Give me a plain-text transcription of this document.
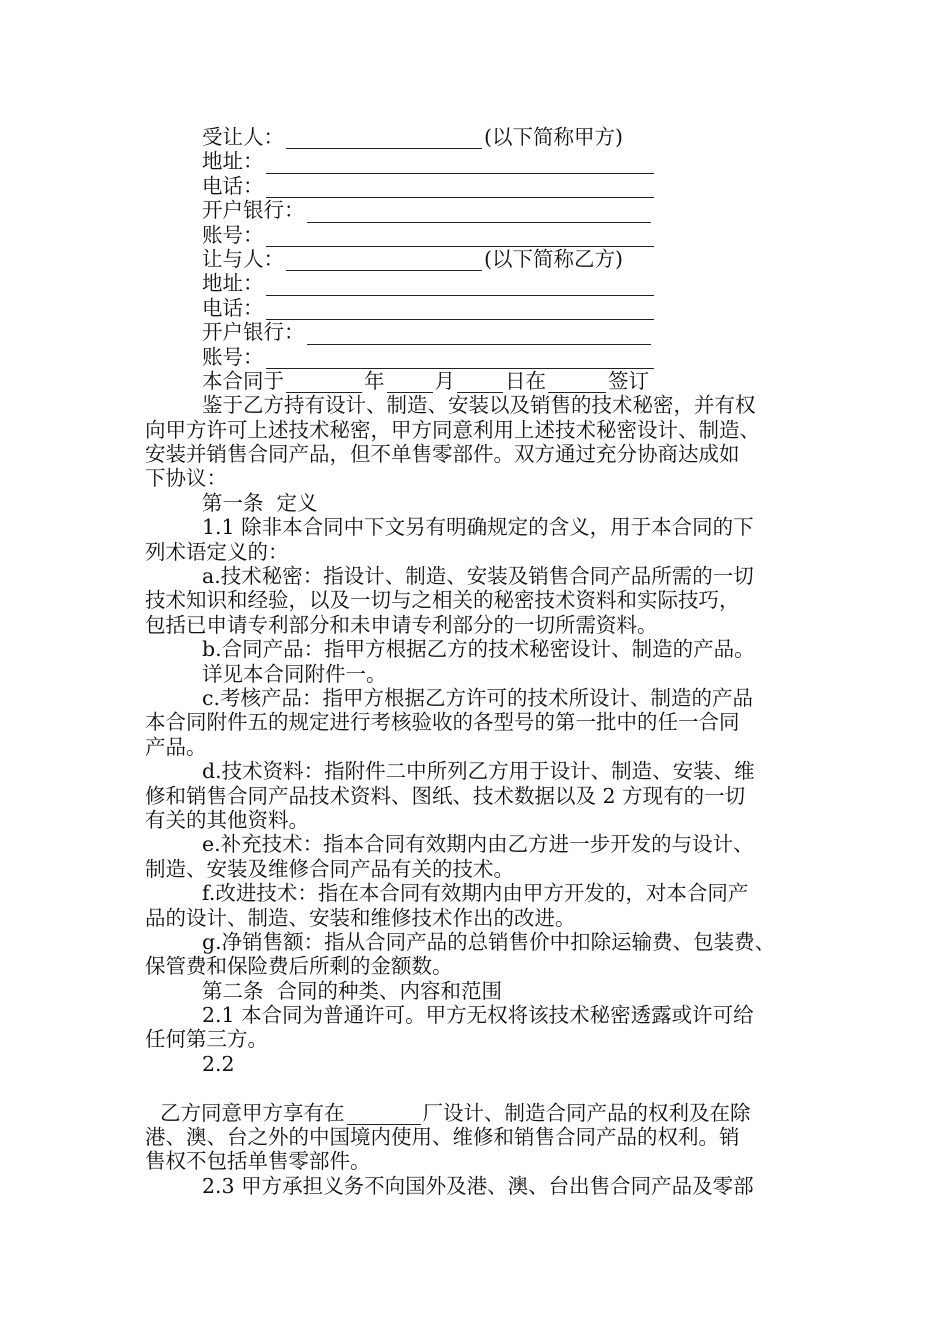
受让人：	(以下简称甲方)
地址：
电话：
开户银行：
账号：
让与人：	(以下简称乙方)
地址：
电话：
开户银行：
账号：
本合同于	年 月 日在	签订
鉴于乙方持有设计、制造、安装以及销售的技术秘密，并有权
向甲方许可上述技术秘密，甲方同意利用上述技术秘密设计、制造、
安装并销售合同产品，但不单售零部件。双方通过充分协商达成如
下协议：
第一条  定义
1.1 除非本合同中下文另有明确规定的含义，用于本合同的下
列术语定义的：
a.技术秘密：指设计、制造、安装及销售合同产品所需的一切
技术知识和经验，以及一切与之相关的秘密技术资料和实际技巧，
包括已申请专利部分和未申请专利部分的一切所需资料。
b.合同产品：指甲方根据乙方的技术秘密设计、制造的产品。
详见本合同附件一。
c.考核产品：指甲方根据乙方许可的技术所设计、制造的产品
本合同附件五的规定进行考核验收的各型号的第一批中的任一合同
产品。
d.技术资料：指附件二中所列乙方用于设计、制造、安装、维
修和销售合同产品技术资料、图纸、技术数据以及 2 方现有的一切
有关的其他资料。
e.补充技术：指本合同有效期内由乙方进一步开发的与设计、
制造、安装及维修合同产品有关的技术。
f.改进技术：指在本合同有效期内由甲方开发的，对本合同产
品的设计、制造、安装和维修技术作出的改进。
g.净销售额：指从合同产品的总销售价中扣除运输费、包装费、
保管费和保险费后所剩的金额数。
第二条  合同的种类、内容和范围
2.1 本合同为普通许可。甲方无权将该技术秘密透露或许可给
任何第三方。
2.2
乙方同意甲方享有在	厂设计、制造合同产品的权利及在除
港、澳、台之外的中国境内使用、维修和销售合同产品的权利。销
售权不包括单售零部件。
2.3 甲方承担义务不向国外及港、澳、台出售合同产品及零部
